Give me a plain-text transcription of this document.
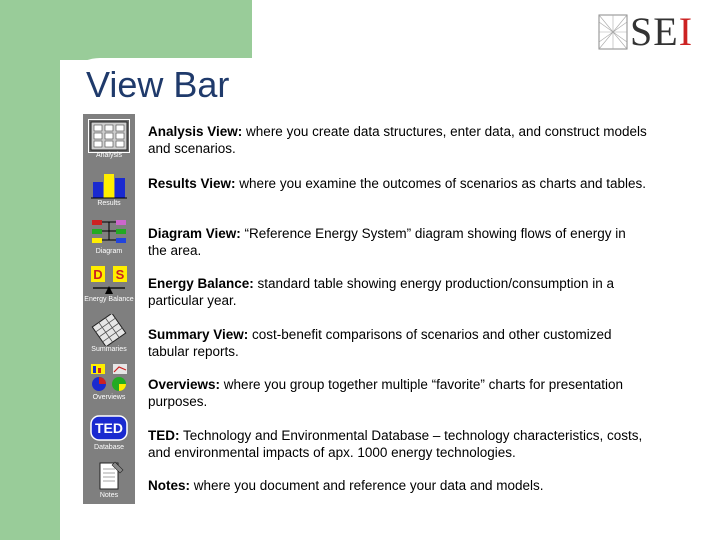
SEI
View Bar
Analysis
Results
Diagram
D S
Energy Balance
Summaries
Overviews
TED
Database
Notes
Analysis View: where you create data structures, enter data, and construct models and scenarios.
Results View: where you examine the outcomes of scenarios as charts and tables.
Diagram View: “Reference Energy System” diagram showing flows of energy in the area.
Energy Balance: standard table showing energy production/consumption in a particular year.
Summary View: cost-benefit comparisons of scenarios and other customized tabular reports.
Overviews: where you group together multiple “favorite” charts for presentation purposes.
TED: Technology and Environmental Database – technology characteristics, costs, and environmental impacts of apx. 1000 energy technologies.
Notes: where you document and reference your data and models.
